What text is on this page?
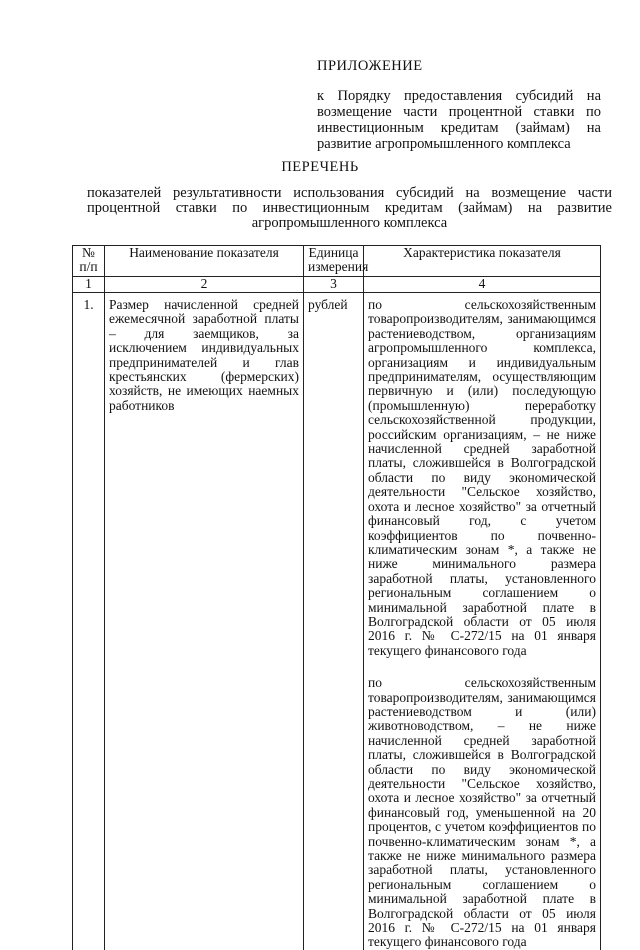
ПРИЛОЖЕНИЕ
к Порядку предоставления субсидий на возмещение части процентной ставки по инвестиционным кредитам (займам) на развитие агропромышленного комплекса
ПЕРЕЧЕНЬ
показателей результативности использования субсидий на возмещение части процентной ставки по инвестиционным кредитам (займам) на развитие агропромышленного комплекса
№ п/п	Наименование показателя	Единица измерения	Характеристика показателя
1	2	3	4
1.	Размер начисленной средней ежемесячной заработной платы – для заемщиков, за исключением индивидуальных предпринимателей и глав крестьянских (фермерских) хозяйств, не имеющих наемных работников	рублей	по сельскохозяйственным товаропроизводителям, занимающимся растениеводством, организациям агропромышленного комплекса, организациям и индивидуальным предпринимателям, осуществляющим первичную и (или) последующую (промышленную) переработку сельскохозяйственной продукции, российским организациям, – не ниже начисленной средней заработной платы, сложившейся в Волгоградской области по виду экономической деятельности "Сельское хозяйство, охота и лесное хозяйство" за отчетный финансовый год, с учетом коэффициентов по почвенно-климатическим зонам *, а также не ниже минимального размера заработной платы, установленного региональным соглашением о минимальной заработной плате в Волгоградской области от 05 июля 2016 г. № С-272/15 на 01 января текущего финансового года

			по сельскохозяйственным товаропроизводителям, занимающимся растениеводством и (или) животноводством, – не ниже начисленной средней заработной платы, сложившейся в Волгоградской области по виду экономической деятельности "Сельское хозяйство, охота и лесное хозяйство" за отчетный финансовый год, уменьшенной на 20 процентов, с учетом коэффициентов по почвенно-климатическим зонам *, а также не ниже минимального размера заработной платы, установленного региональным соглашением о минимальной заработной плате в Волгоградской области от 05 июля 2016 г. № С-272/15 на 01 января текущего финансового года
